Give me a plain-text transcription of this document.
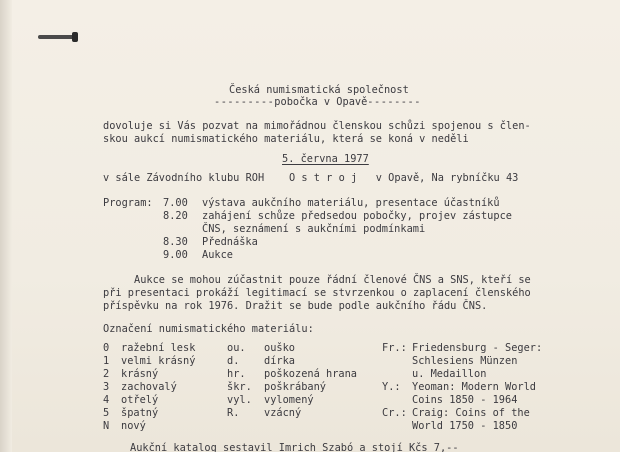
Česká numismatická společnost
---------pobočka v Opavě--------
dovoluje si Vás pozvat na mimořádnou členskou schůzi spojenou s člen-
skou aukcí numismatického materiálu, která se koná v neděli
5. června 1977
v sále Závodního klubu ROH    O s t r o j   v Opavě, Na rybníčku 43
Program: 7.00 výstava aukčního materiálu, presentace účastníků
8.20 zahájení schůze předsedou pobočky, projev zástupce
ČNS, seznámení s aukčními podmínkami
8.30 Přednáška
9.00 Aukce
Aukce se mohou zúčastnit pouze řádní členové ČNS a SNS, kteří se
při presentaci prokáží legitimací se stvrzenkou o zaplacení členského
příspěvku na rok 1976. Dražit se bude podle aukčního řádu ČNS.
Označení numismatického materiálu:
0 ražební lesk
1 velmi krásný
2 krásný
3 zachovalý
4 otřelý
5 špatný
N nový
ou. ouško
d. dírka
hr. poškozená hrana
škr. poškrábaný
vyl. vylomený
R. vzácný
Fr.: Friedensburg - Seger:
Schlesiens Münzen
u. Medaillon
Y.: Yeoman: Modern World
Coins 1850 - 1964
Cr.: Craig: Coins of the
World 1750 - 1850
Aukční katalog sestavil Imrich Szabó a stojí Kčs 7,--
